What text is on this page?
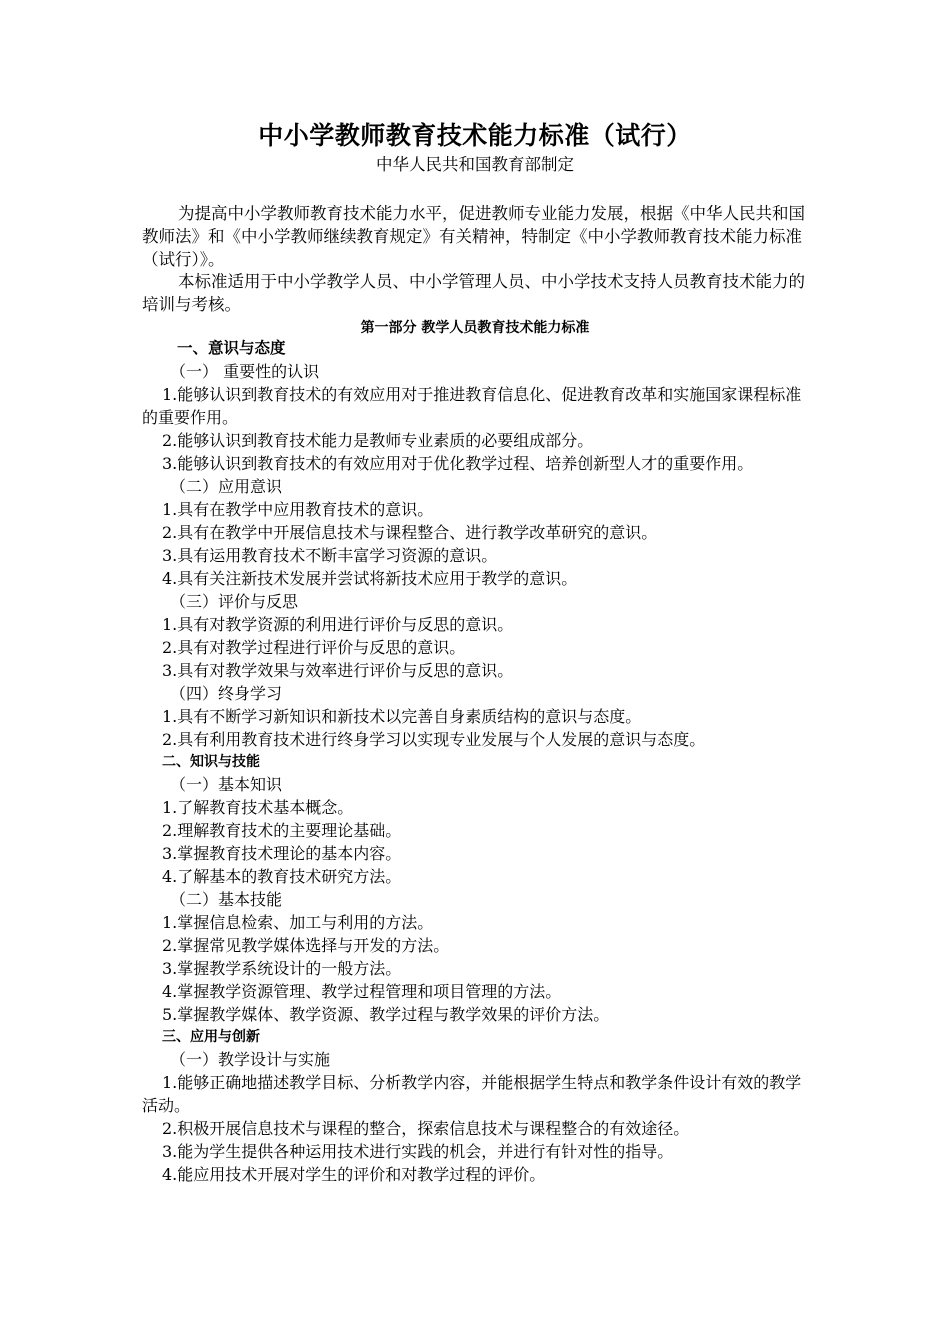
中小学教师教育技术能力标准（试行）
中华人民共和国教育部制定
为提高中小学教师教育技术能力水平，促进教师专业能力发展，根据《中华人民共和国教师法》和《中小学教师继续教育规定》有关精神，特制定《中小学教师教育技术能力标准（试行）》。
本标准适用于中小学教学人员、中小学管理人员、中小学技术支持人员教育技术能力的培训与考核。
第一部分 教学人员教育技术能力标准
一、意识与态度
（一） 重要性的认识
1.能够认识到教育技术的有效应用对于推进教育信息化、促进教育改革和实施国家课程标准的重要作用。
2.能够认识到教育技术能力是教师专业素质的必要组成部分。
3.能够认识到教育技术的有效应用对于优化教学过程、培养创新型人才的重要作用。
（二）应用意识
1.具有在教学中应用教育技术的意识。
2.具有在教学中开展信息技术与课程整合、进行教学改革研究的意识。
3.具有运用教育技术不断丰富学习资源的意识。
4.具有关注新技术发展并尝试将新技术应用于教学的意识。
（三）评价与反思
1.具有对教学资源的利用进行评价与反思的意识。
2.具有对教学过程进行评价与反思的意识。
3.具有对教学效果与效率进行评价与反思的意识。
（四）终身学习
1.具有不断学习新知识和新技术以完善自身素质结构的意识与态度。
2.具有利用教育技术进行终身学习以实现专业发展与个人发展的意识与态度。
二、知识与技能
（一）基本知识
1.了解教育技术基本概念。
2.理解教育技术的主要理论基础。
3.掌握教育技术理论的基本内容。
4.了解基本的教育技术研究方法。
（二）基本技能
1.掌握信息检索、加工与利用的方法。
2.掌握常见教学媒体选择与开发的方法。
3.掌握教学系统设计的一般方法。
4.掌握教学资源管理、教学过程管理和项目管理的方法。
5.掌握教学媒体、教学资源、教学过程与教学效果的评价方法。
三、应用与创新
（一）教学设计与实施
1.能够正确地描述教学目标、分析教学内容，并能根据学生特点和教学条件设计有效的教学活动。
2.积极开展信息技术与课程的整合，探索信息技术与课程整合的有效途径。
3.能为学生提供各种运用技术进行实践的机会，并进行有针对性的指导。
4.能应用技术开展对学生的评价和对教学过程的评价。
